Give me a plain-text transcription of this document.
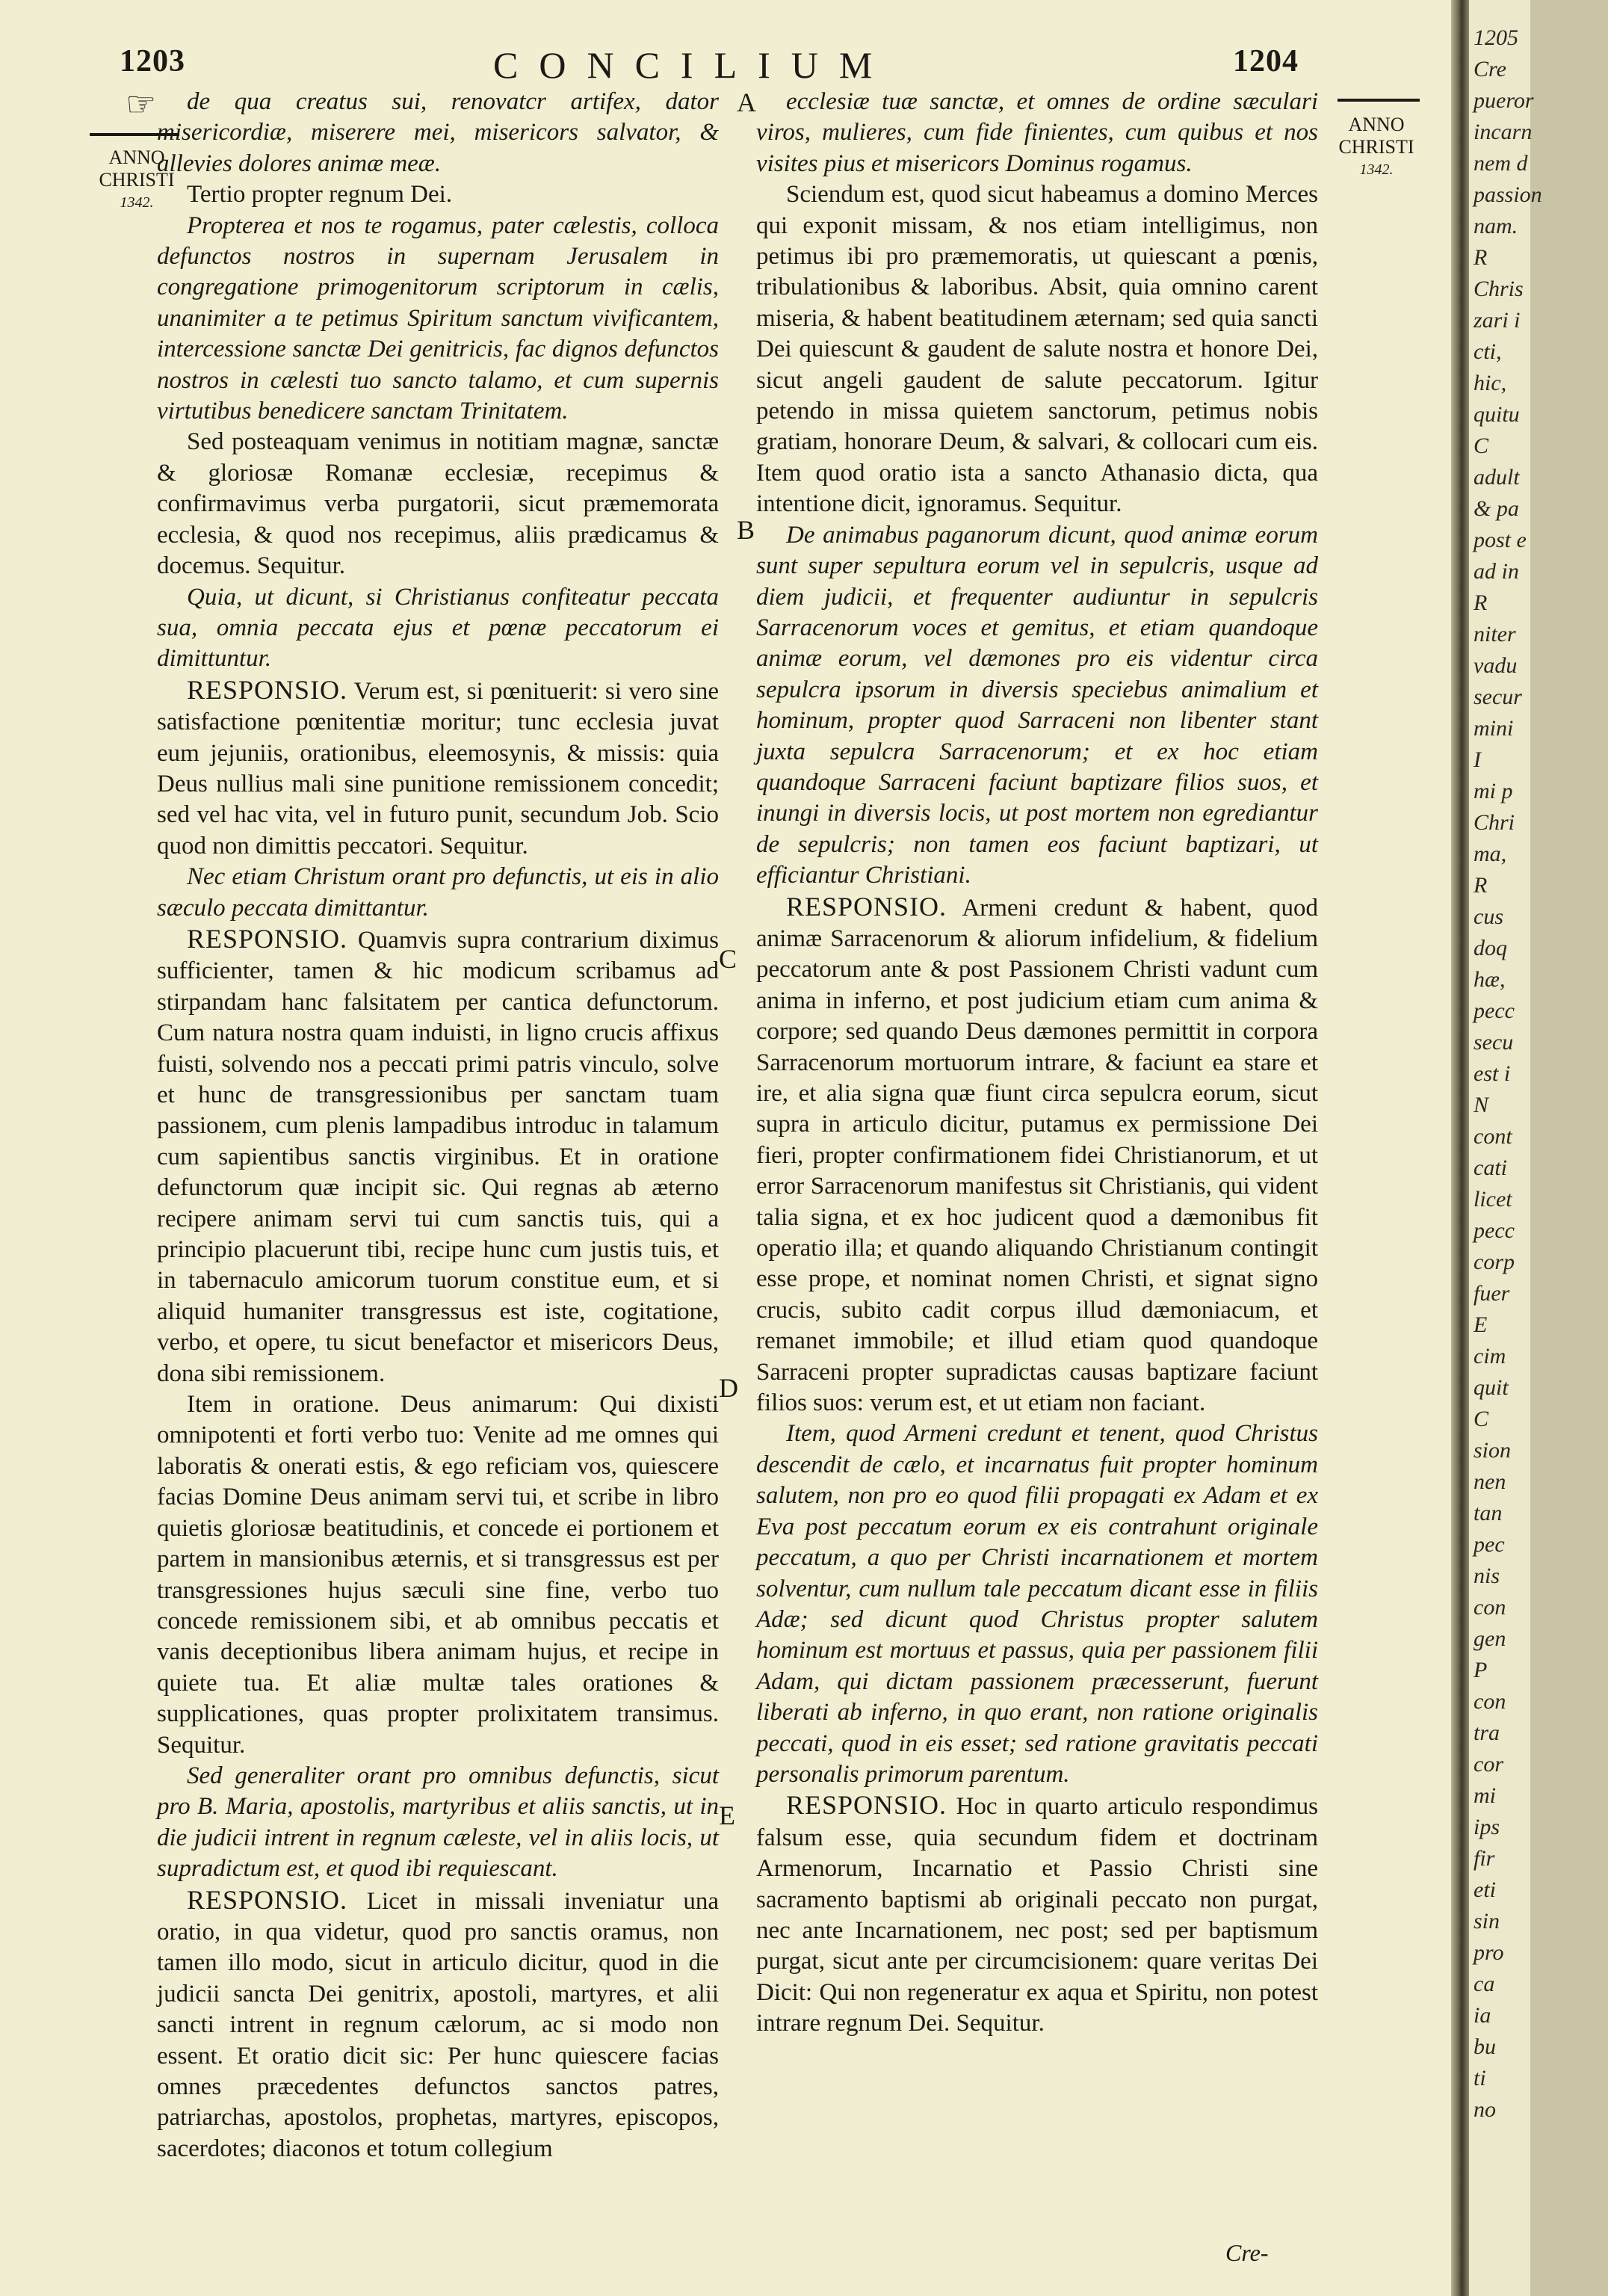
1203	CONCILIUM	1204
☞
ANNO
CHRISTI
1342.
ANNO
CHRISTI
1342.
A
B
C
D
E

de qua creatus sui, renovatcr artifex, dator misericordiæ, miserere mei, misericors salvator, & allevies dolores animæ meæ.

Tertio propter regnum Dei.

Propterea et nos te rogamus, pater cælestis, colloca defunctos nostros in supernam Jerusalem in congregatione primogenitorum scriptorum in cælis, unanimiter a te petimus Spiritum sanctum vivificantem, intercessione sanctæ Dei genitricis, fac dignos defunctos nostros in cælesti tuo sancto talamo, et cum supernis virtutibus benedicere sanctam Trinitatem.

Sed posteaquam venimus in notitiam magnæ, sanctæ & gloriosæ Romanæ ecclesiæ, recepimus & confirmavimus verba purgatorii, sicut præmemorata ecclesia, & quod nos recepimus, aliis prædicamus & docemus. Sequitur.

Quia, ut dicunt, si Christianus confiteatur peccata sua, omnia peccata ejus et pœnæ peccatorum ei dimittuntur.

RESPONSIO. Verum est, si pœnituerit: si vero sine satisfactione pœnitentiæ moritur; tunc ecclesia juvat eum jejuniis, orationibus, eleemosynis, & missis: quia Deus nullius mali sine punitione remissionem concedit; sed vel hac vita, vel in futuro punit, secundum Job. Scio quod non dimittis peccatori. Sequitur.

Nec etiam Christum orant pro defunctis, ut eis in alio sæculo peccata dimittantur.

RESPONSIO. Quamvis supra contrarium diximus sufficienter, tamen & hic modicum scribamus ad stirpandam hanc falsitatem per cantica defunctorum. Cum natura nostra quam induisti, in ligno crucis affixus fuisti, solvendo nos a peccati primi patris vinculo, solve et hunc de transgressionibus per sanctam tuam passionem, cum plenis lampadibus introduc in talamum cum sapientibus sanctis virginibus. Et in oratione defunctorum quæ incipit sic. Qui regnas ab æterno recipere animam servi tui cum sanctis tuis, qui a principio placuerunt tibi, recipe hunc cum justis tuis, et in tabernaculo amicorum tuorum constitue eum, et si aliquid humaniter transgressus est iste, cogitatione, verbo, et opere, tu sicut benefactor et misericors Deus, dona sibi remissionem.

Item in oratione. Deus animarum: Qui dixisti omnipotenti et forti verbo tuo: Venite ad me omnes qui laboratis & onerati estis, & ego reficiam vos, quiescere facias Domine Deus animam servi tui, et scribe in libro quietis gloriosæ beatitudinis, et concede ei portionem et partem in mansionibus æternis, et si transgressus est per transgressiones hujus sæculi sine fine, verbo tuo concede remissionem sibi, et ab omnibus peccatis et vanis deceptionibus libera animam hujus, et recipe in quiete tua. Et aliæ multæ tales orationes & supplicationes, quas propter prolixitatem transimus. Sequitur.

Sed generaliter orant pro omnibus defunctis, sicut pro B. Maria, apostolis, martyribus et aliis sanctis, ut in die judicii intrent in regnum cæleste, vel in aliis locis, ut supradictum est, et quod ibi requiescant.

RESPONSIO. Licet in missali inveniatur una oratio, in qua videtur, quod pro sanctis oramus, non tamen illo modo, sicut in articulo dicitur, quod in die judicii sancta Dei genitrix, apostoli, martyres, et alii sancti intrent in regnum cælorum, ac si modo non essent. Et oratio dicit sic: Per hunc quiescere facias omnes præcedentes defunctos sanctos patres, patriarchas, apostolos, prophetas, martyres, episcopos, sacerdotes; diaconos et totum collegium

ecclesiæ tuæ sanctæ, et omnes de ordine sæculari viros, mulieres, cum fide finientes, cum quibus et nos visites pius et misericors Dominus rogamus.

Sciendum est, quod sicut habeamus a domino Merces qui exponit missam, & nos etiam intelligimus, non petimus ibi pro præmemoratis, ut quiescant a pœnis, tribulationibus & laboribus. Absit, quia omnino carent miseria, & habent beatitudinem æternam; sed quia sancti Dei quiescunt & gaudent de salute nostra et honore Dei, sicut angeli gaudent de salute peccatorum. Igitur petendo in missa quietem sanctorum, petimus nobis gratiam, honorare Deum, & salvari, & collocari cum eis. Item quod oratio ista a sancto Athanasio dicta, qua intentione dicit, ignoramus. Sequitur.

De animabus paganorum dicunt, quod animæ eorum sunt super sepultura eorum vel in sepulcris, usque ad diem judicii, et frequenter audiuntur in sepulcris Sarracenorum voces et gemitus, et etiam quandoque animæ eorum, vel dæmones pro eis videntur circa sepulcra ipsorum in diversis speciebus animalium et hominum, propter quod Sarraceni non libenter stant juxta sepulcra Sarracenorum; et ex hoc etiam quandoque Sarraceni faciunt baptizare filios suos, et inungi in diversis locis, ut post mortem non egrediantur de sepulcris; non tamen eos faciunt baptizari, ut efficiantur Christiani.

RESPONSIO. Armeni credunt & habent, quod animæ Sarracenorum & aliorum infidelium, & fidelium peccatorum ante & post Passionem Christi vadunt cum anima in inferno, et post judicium etiam cum anima & corpore; sed quando Deus dæmones permittit in corpora Sarracenorum mortuorum intrare, & faciunt ea stare et ire, et alia signa quæ fiunt circa sepulcra eorum, sicut supra in articulo dicitur, putamus ex permissione Dei fieri, propter confirmationem fidei Christianorum, et ut error Sarracenorum manifestus sit Christianis, qui vident talia signa, et ex hoc judicent quod a dæmonibus fit operatio illa; et quando aliquando Christianum contingit esse prope, et nominat nomen Christi, et signat signo crucis, subito cadit corpus illud dæmoniacum, et remanet immobile; et illud etiam quod quandoque Sarraceni propter supradictas causas baptizare faciunt filios suos: verum est, et ut etiam non faciant.

Item, quod Armeni credunt et tenent, quod Christus descendit de cælo, et incarnatus fuit propter hominum salutem, non pro eo quod filii propagati ex Adam et ex Eva post peccatum eorum ex eis contrahunt originale peccatum, a quo per Christi incarnationem et mortem solventur, cum nullum tale peccatum dicant esse in filiis Adæ; sed dicunt quod Christus propter salutem hominum est mortuus et passus, quia per passionem filii Adam, qui dictam passionem præcesserunt, fuerunt liberati ab inferno, in quo erant, non ratione originalis peccati, quod in eis esset; sed ratione gravitatis peccati personalis primorum parentum.

RESPONSIO. Hoc in quarto articulo respondimus falsum esse, quia secundum fidem et doctrinam Armenorum, Incarnatio et Passio Christi sine sacramento baptismi ab originali peccato non purgat, nec ante Incarnationem, nec post; sed per baptismum purgat, sicut ante per circumcisionem: quare veritas Dei Dicit: Qui non regeneratur ex aqua et Spiritu, non potest intrare regnum Dei. Sequitur.

Cre-
1205
Cre
pueror
incarn
nem d
passion
nam.
R
Chris
zari i
cti,
hic,
quitu
C
adult
& pa
post e
ad in
R
niter
vadu
secur
mini
I
mi p
Chri
ma,
R
cus
doq
hæ,
pecc
secu
est i
N
cont
cati
licet
pecc
corp
fuer
E
cim
quit
C
sion
nen
tan
pec
nis
con
gen
P
con
tra
cor
mi
ips
fir
eti
sin
pro
ca
ia
bu
ti
no
